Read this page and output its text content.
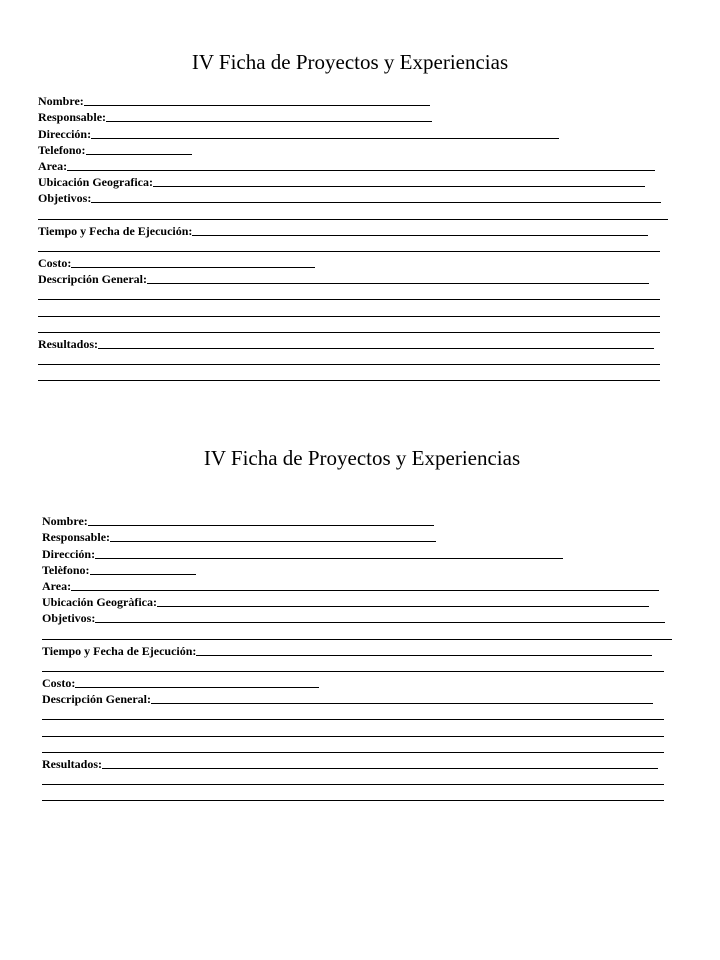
IV Ficha de Proyectos y Experiencias
Nombre:
Responsable:
Dirección:
Telefono:
Area:
Ubicación Geografica:
Objetivos:
Tiempo y Fecha de Ejecución:
Costo:
Descripción General:
Resultados:
IV Ficha de Proyectos y Experiencias
Nombre:
Responsable:
Dirección:
Telèfono:
Area:
Ubicación Geogràfica:
Objetivos:
Tiempo y Fecha de Ejecución:
Costo:
Descripción General:
Resultados:
